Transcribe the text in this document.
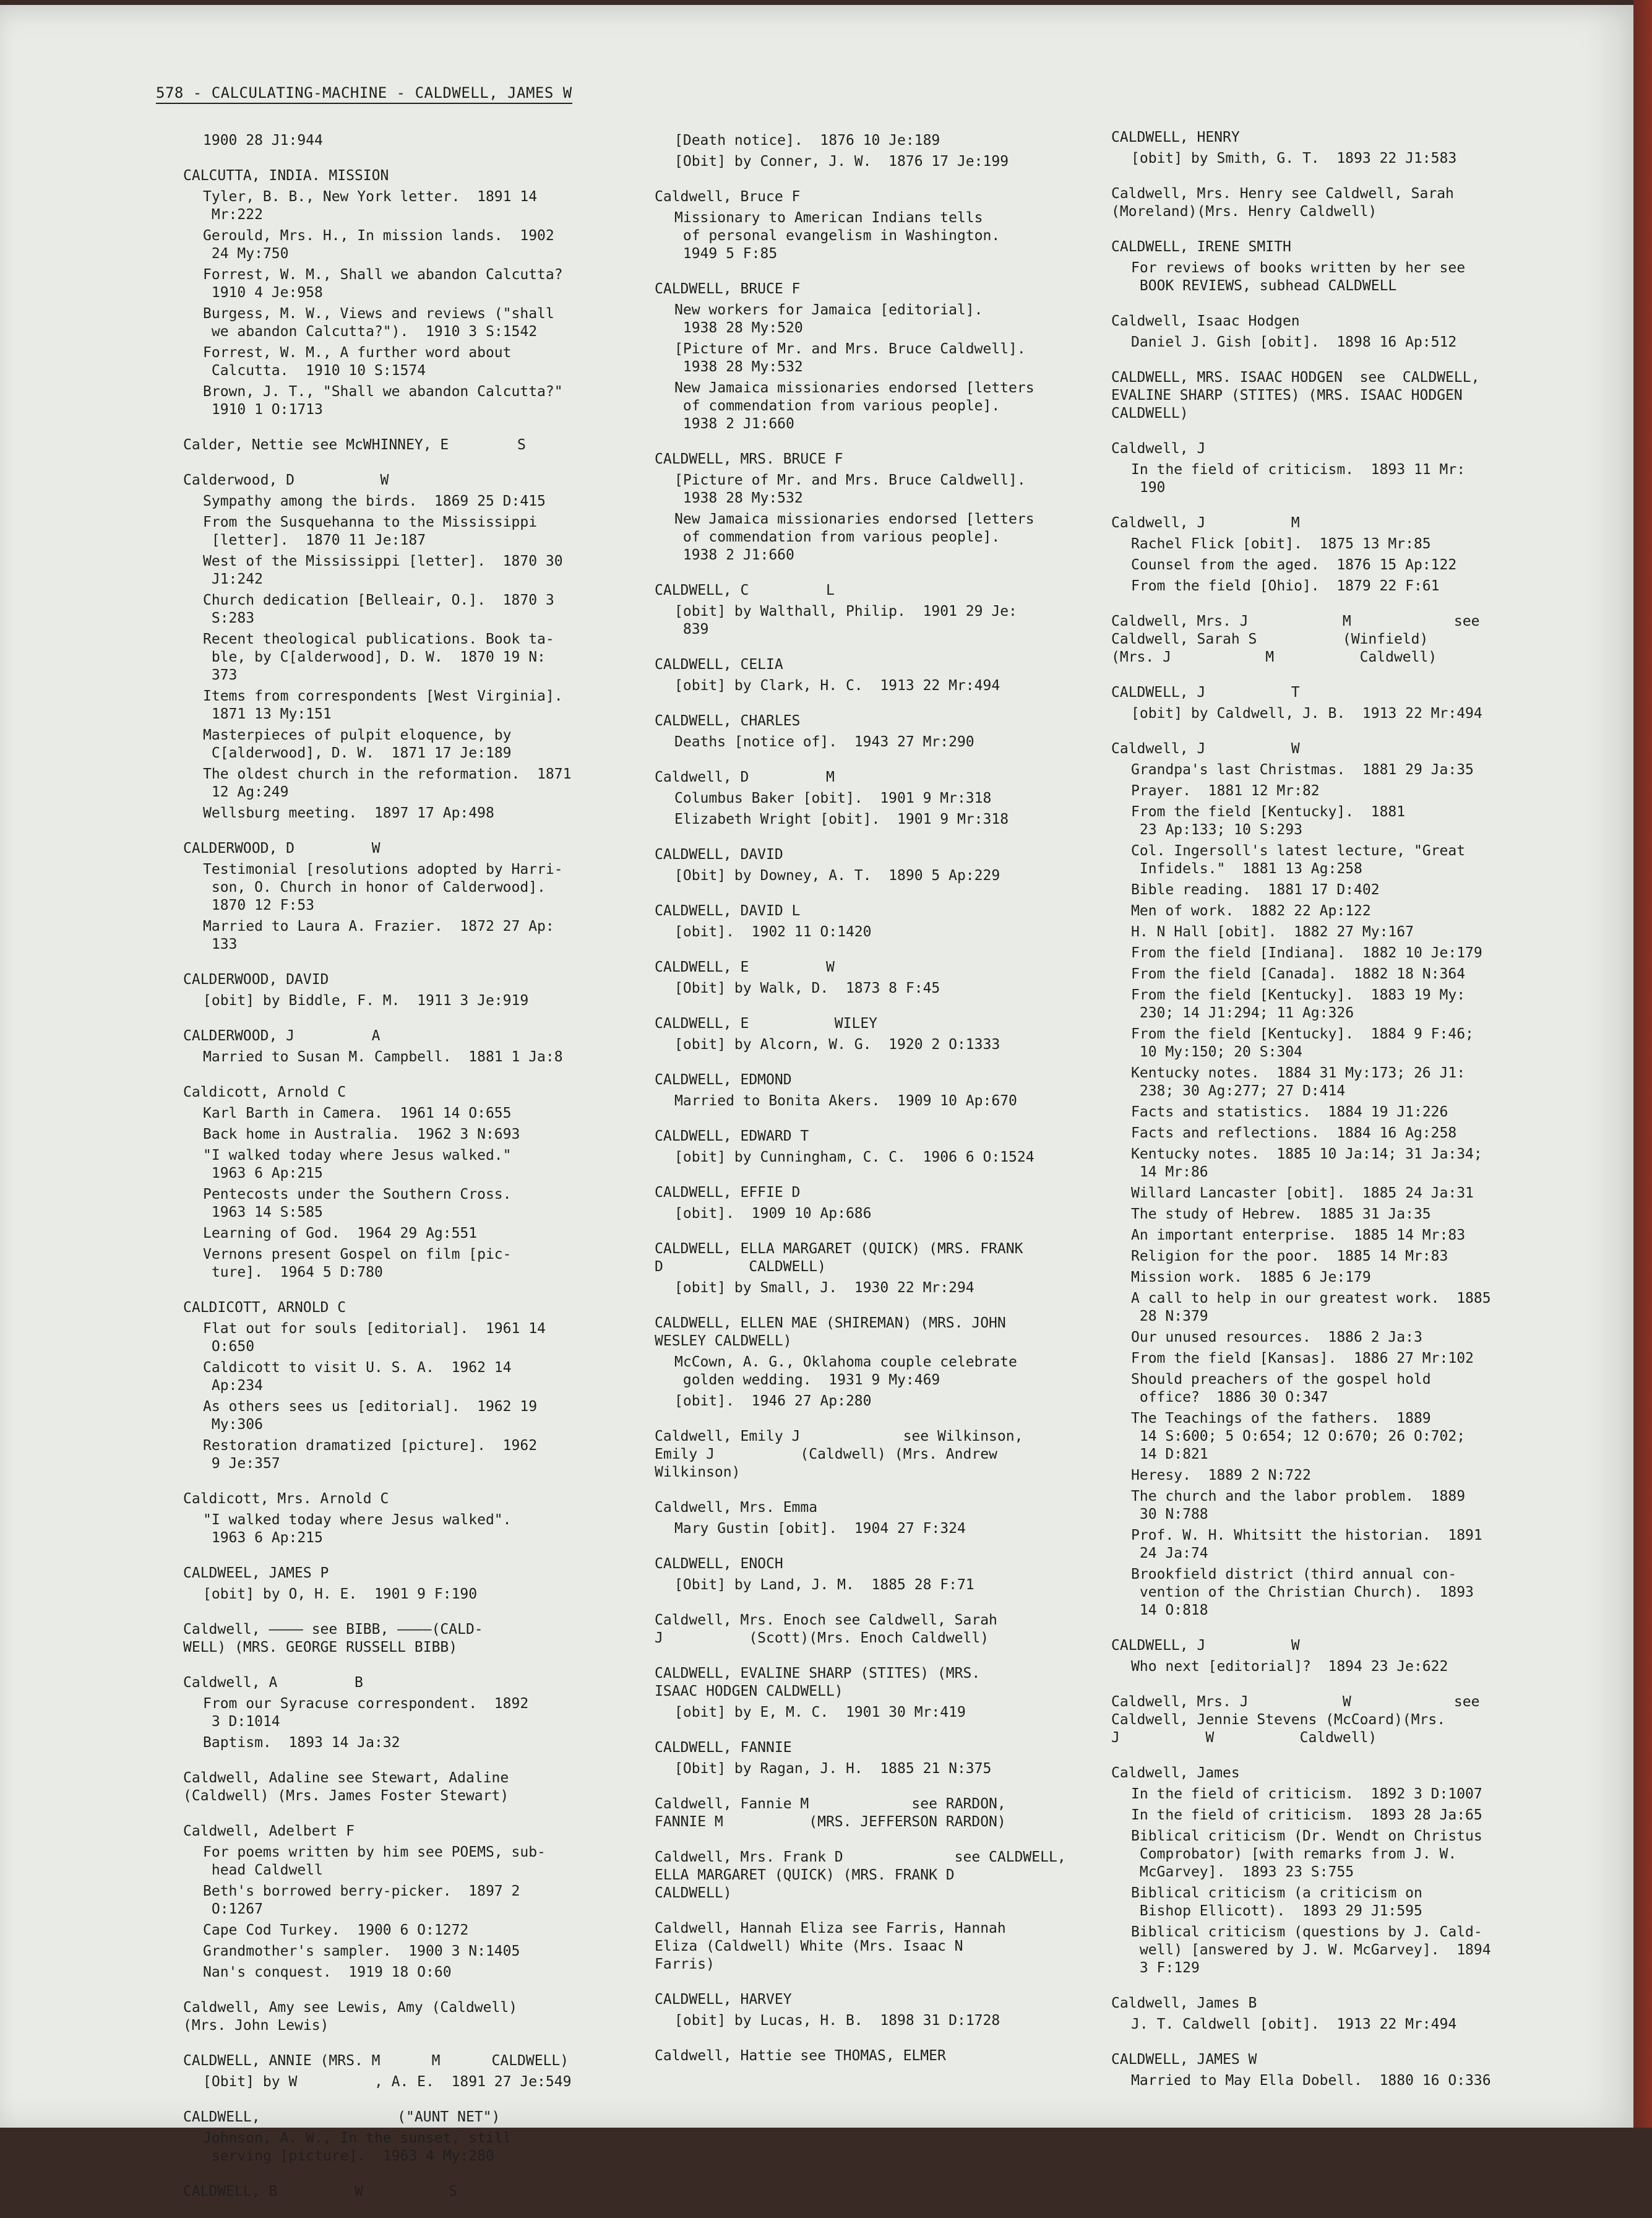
578 - CALCULATING-MACHINE - CALDWELL, JAMES W
1900 28 J1:944
CALCUTTA, INDIA. MISSION
Tyler, B. B., New York letter.  1891 14
Mr:222
Gerould, Mrs. H., In mission lands.  1902
24 My:750
Forrest, W. M., Shall we abandon Calcutta?
1910 4 Je:958
Burgess, M. W., Views and reviews ("shall
we abandon Calcutta?").  1910 3 S:1542
Forrest, W. M., A further word about
Calcutta.  1910 10 S:1574
Brown, J. T., "Shall we abandon Calcutta?"
1910 1 O:1713
Calder, Nettie see McWHINNEY, E        S
Calderwood, D          W
Sympathy among the birds.  1869 25 D:415
From the Susquehanna to the Mississippi
[letter].  1870 11 Je:187
West of the Mississippi [letter].  1870 30
J1:242
Church dedication [Belleair, O.].  1870 3
S:283
Recent theological publications. Book ta-
ble, by C[alderwood], D. W.  1870 19 N:
373
Items from correspondents [West Virginia].
1871 13 My:151
Masterpieces of pulpit eloquence, by
C[alderwood], D. W.  1871 17 Je:189
The oldest church in the reformation.  1871
12 Ag:249
Wellsburg meeting.  1897 17 Ap:498
CALDERWOOD, D         W
Testimonial [resolutions adopted by Harri-
son, O. Church in honor of Calderwood].
1870 12 F:53
Married to Laura A. Frazier.  1872 27 Ap:
133
CALDERWOOD, DAVID
[obit] by Biddle, F. M.  1911 3 Je:919
CALDERWOOD, J         A
Married to Susan M. Campbell.  1881 1 Ja:8
Caldicott, Arnold C
Karl Barth in Camera.  1961 14 O:655
Back home in Australia.  1962 3 N:693
"I walked today where Jesus walked."
1963 6 Ap:215
Pentecosts under the Southern Cross.
1963 14 S:585
Learning of God.  1964 29 Ag:551
Vernons present Gospel on film [pic-
ture].  1964 5 D:780
CALDICOTT, ARNOLD C
Flat out for souls [editorial].  1961 14
O:650
Caldicott to visit U. S. A.  1962 14
Ap:234
As others sees us [editorial].  1962 19
My:306
Restoration dramatized [picture].  1962
9 Je:357
Caldicott, Mrs. Arnold C
"I walked today where Jesus walked".
1963 6 Ap:215
CALDWEEL, JAMES P
[obit] by O, H. E.  1901 9 F:190
Caldwell, ———— see BIBB, ————(CALD-
WELL) (MRS. GEORGE RUSSELL BIBB)
Caldwell, A         B
From our Syracuse correspondent.  1892
3 D:1014
Baptism.  1893 14 Ja:32
Caldwell, Adaline see Stewart, Adaline
(Caldwell) (Mrs. James Foster Stewart)
Caldwell, Adelbert F
For poems written by him see POEMS, sub-
head Caldwell
Beth's borrowed berry-picker.  1897 2
O:1267
Cape Cod Turkey.  1900 6 O:1272
Grandmother's sampler.  1900 3 N:1405
Nan's conquest.  1919 18 O:60
Caldwell, Amy see Lewis, Amy (Caldwell)
(Mrs. John Lewis)
CALDWELL, ANNIE (MRS. M      M      CALDWELL)
[Obit] by W         , A. E.  1891 27 Je:549
CALDWELL,                ("AUNT NET")
Johnson, A. W., In the sunset, still
serving [picture].  1963 4 My:280
CALDWELL, B         W          S
[Death notice].  1876 10 Je:189
[Obit] by Conner, J. W.  1876 17 Je:199
Caldwell, Bruce F
Missionary to American Indians tells
of personal evangelism in Washington.
1949 5 F:85
CALDWELL, BRUCE F
New workers for Jamaica [editorial].
1938 28 My:520
[Picture of Mr. and Mrs. Bruce Caldwell].
1938 28 My:532
New Jamaica missionaries endorsed [letters
of commendation from various people].
1938 2 J1:660
CALDWELL, MRS. BRUCE F
[Picture of Mr. and Mrs. Bruce Caldwell].
1938 28 My:532
New Jamaica missionaries endorsed [letters
of commendation from various people].
1938 2 J1:660
CALDWELL, C         L
[obit] by Walthall, Philip.  1901 29 Je:
839
CALDWELL, CELIA
[obit] by Clark, H. C.  1913 22 Mr:494
CALDWELL, CHARLES
Deaths [notice of].  1943 27 Mr:290
Caldwell, D         M
Columbus Baker [obit].  1901 9 Mr:318
Elizabeth Wright [obit].  1901 9 Mr:318
CALDWELL, DAVID
[Obit] by Downey, A. T.  1890 5 Ap:229
CALDWELL, DAVID L
[obit].  1902 11 O:1420
CALDWELL, E         W
[Obit] by Walk, D.  1873 8 F:45
CALDWELL, E          WILEY
[obit] by Alcorn, W. G.  1920 2 O:1333
CALDWELL, EDMOND
Married to Bonita Akers.  1909 10 Ap:670
CALDWELL, EDWARD T
[obit] by Cunningham, C. C.  1906 6 O:1524
CALDWELL, EFFIE D
[obit].  1909 10 Ap:686
CALDWELL, ELLA MARGARET (QUICK) (MRS. FRANK
D          CALDWELL)
[obit] by Small, J.  1930 22 Mr:294
CALDWELL, ELLEN MAE (SHIREMAN) (MRS. JOHN
WESLEY CALDWELL)
McCown, A. G., Oklahoma couple celebrate
golden wedding.  1931 9 My:469
[obit].  1946 27 Ap:280
Caldwell, Emily J            see Wilkinson,
Emily J          (Caldwell) (Mrs. Andrew
Wilkinson)
Caldwell, Mrs. Emma
Mary Gustin [obit].  1904 27 F:324
CALDWELL, ENOCH
[Obit] by Land, J. M.  1885 28 F:71
Caldwell, Mrs. Enoch see Caldwell, Sarah
J          (Scott)(Mrs. Enoch Caldwell)
CALDWELL, EVALINE SHARP (STITES) (MRS.
ISAAC HODGEN CALDWELL)
[obit] by E, M. C.  1901 30 Mr:419
CALDWELL, FANNIE
[Obit] by Ragan, J. H.  1885 21 N:375
Caldwell, Fannie M            see RARDON,
FANNIE M          (MRS. JEFFERSON RARDON)
Caldwell, Mrs. Frank D             see CALDWELL,
ELLA MARGARET (QUICK) (MRS. FRANK D
CALDWELL)
Caldwell, Hannah Eliza see Farris, Hannah
Eliza (Caldwell) White (Mrs. Isaac N
Farris)
CALDWELL, HARVEY
[obit] by Lucas, H. B.  1898 31 D:1728
Caldwell, Hattie see THOMAS, ELMER
CALDWELL, HENRY
[obit] by Smith, G. T.  1893 22 J1:583
Caldwell, Mrs. Henry see Caldwell, Sarah
(Moreland)(Mrs. Henry Caldwell)
CALDWELL, IRENE SMITH
For reviews of books written by her see
BOOK REVIEWS, subhead CALDWELL
Caldwell, Isaac Hodgen
Daniel J. Gish [obit].  1898 16 Ap:512
CALDWELL, MRS. ISAAC HODGEN  see  CALDWELL,
EVALINE SHARP (STITES) (MRS. ISAAC HODGEN
CALDWELL)
Caldwell, J
In the field of criticism.  1893 11 Mr:
190
Caldwell, J          M
Rachel Flick [obit].  1875 13 Mr:85
Counsel from the aged.  1876 15 Ap:122
From the field [Ohio].  1879 22 F:61
Caldwell, Mrs. J           M            see
Caldwell, Sarah S          (Winfield)
(Mrs. J           M          Caldwell)
CALDWELL, J          T
[obit] by Caldwell, J. B.  1913 22 Mr:494
Caldwell, J          W
Grandpa's last Christmas.  1881 29 Ja:35
Prayer.  1881 12 Mr:82
From the field [Kentucky].  1881
23 Ap:133; 10 S:293
Col. Ingersoll's latest lecture, "Great
Infidels."  1881 13 Ag:258
Bible reading.  1881 17 D:402
Men of work.  1882 22 Ap:122
H. N Hall [obit].  1882 27 My:167
From the field [Indiana].  1882 10 Je:179
From the field [Canada].  1882 18 N:364
From the field [Kentucky].  1883 19 My:
230; 14 J1:294; 11 Ag:326
From the field [Kentucky].  1884 9 F:46;
10 My:150; 20 S:304
Kentucky notes.  1884 31 My:173; 26 J1:
238; 30 Ag:277; 27 D:414
Facts and statistics.  1884 19 J1:226
Facts and reflections.  1884 16 Ag:258
Kentucky notes.  1885 10 Ja:14; 31 Ja:34;
14 Mr:86
Willard Lancaster [obit].  1885 24 Ja:31
The study of Hebrew.  1885 31 Ja:35
An important enterprise.  1885 14 Mr:83
Religion for the poor.  1885 14 Mr:83
Mission work.  1885 6 Je:179
A call to help in our greatest work.  1885
28 N:379
Our unused resources.  1886 2 Ja:3
From the field [Kansas].  1886 27 Mr:102
Should preachers of the gospel hold
office?  1886 30 O:347
The Teachings of the fathers.  1889
14 S:600; 5 O:654; 12 O:670; 26 O:702;
14 D:821
Heresy.  1889 2 N:722
The church and the labor problem.  1889
30 N:788
Prof. W. H. Whitsitt the historian.  1891
24 Ja:74
Brookfield district (third annual con-
vention of the Christian Church).  1893
14 O:818
CALDWELL, J          W
Who next [editorial]?  1894 23 Je:622
Caldwell, Mrs. J           W            see
Caldwell, Jennie Stevens (McCoard)(Mrs.
J          W          Caldwell)
Caldwell, James
In the field of criticism.  1892 3 D:1007
In the field of criticism.  1893 28 Ja:65
Biblical criticism (Dr. Wendt on Christus
Comprobator) [with remarks from J. W.
McGarvey].  1893 23 S:755
Biblical criticism (a criticism on
Bishop Ellicott).  1893 29 J1:595
Biblical criticism (questions by J. Cald-
well) [answered by J. W. McGarvey].  1894
3 F:129
Caldwell, James B
J. T. Caldwell [obit].  1913 22 Mr:494
CALDWELL, JAMES W
Married to May Ella Dobell.  1880 16 O:336
